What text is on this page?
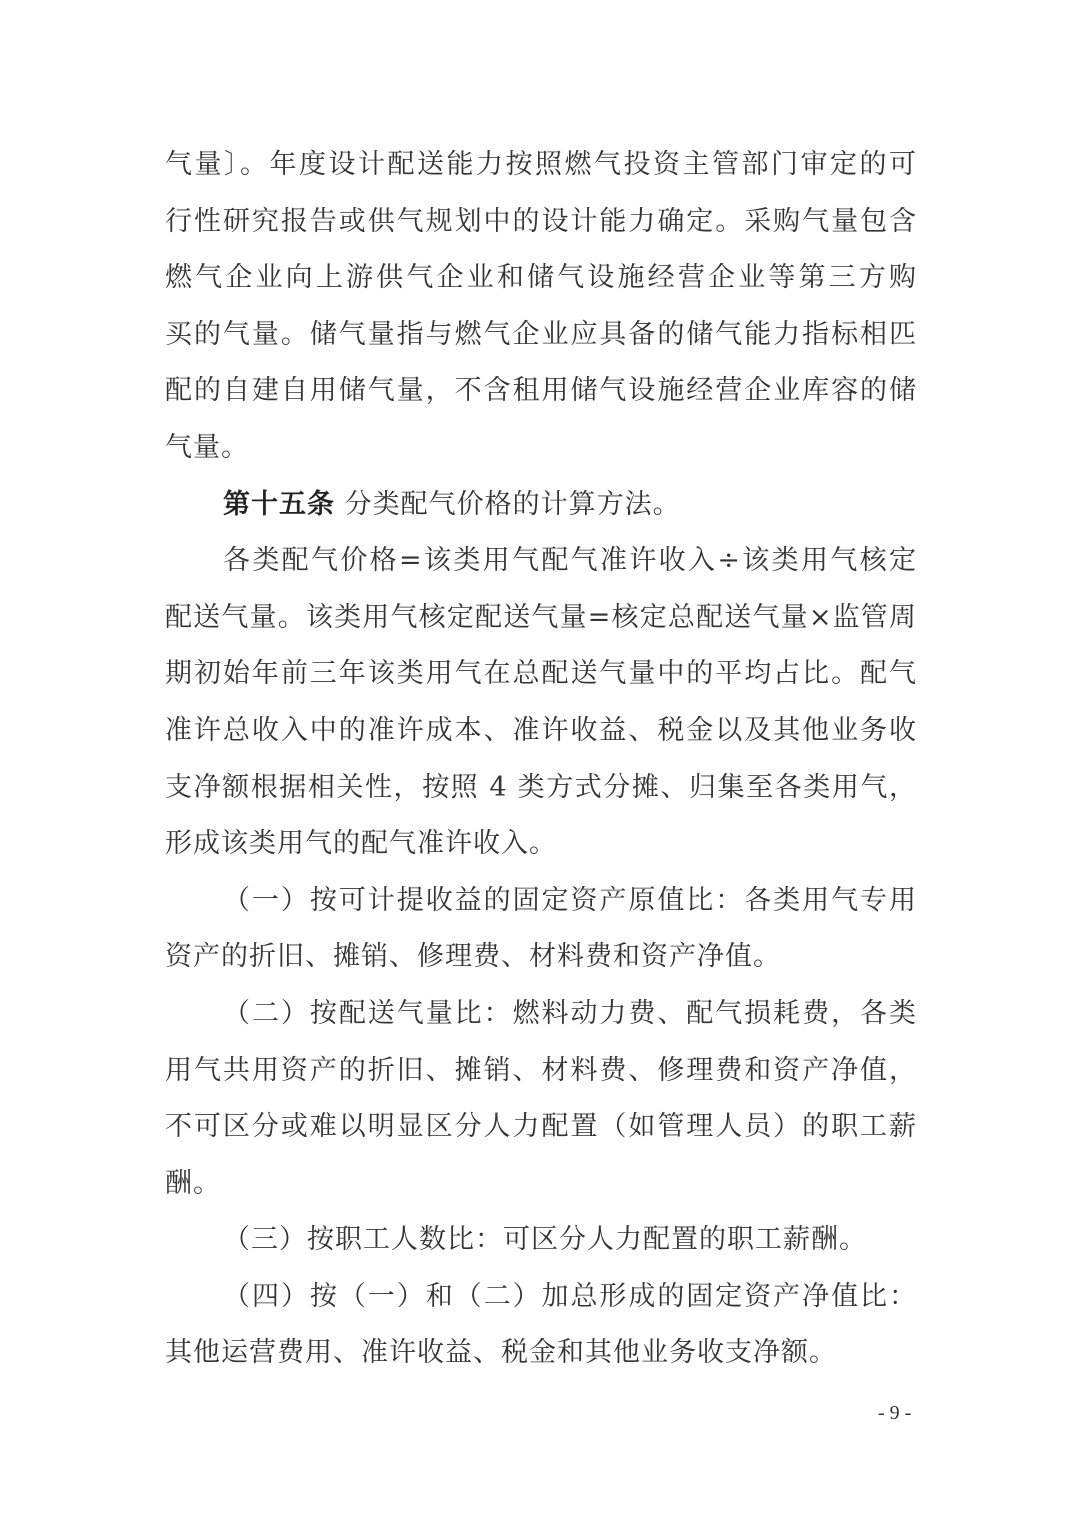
气量〕。年度设计配送能力按照燃气投资主管部门审定的可
行性研究报告或供气规划中的设计能力确定。采购气量包含
燃气企业向上游供气企业和储气设施经营企业等第三方购
买的气量。储气量指与燃气企业应具备的储气能力指标相匹
配的自建自用储气量，不含租用储气设施经营企业库容的储
气量。
第十五条 分类配气价格的计算方法。
各类配气价格=该类用气配气准许收入÷该类用气核定
配送气量。该类用气核定配送气量=核定总配送气量×监管周
期初始年前三年该类用气在总配送气量中的平均占比。配气
准许总收入中的准许成本、准许收益、税金以及其他业务收
支净额根据相关性，按照 4 类方式分摊、归集至各类用气，
形成该类用气的配气准许收入。
（一）按可计提收益的固定资产原值比：各类用气专用
资产的折旧、摊销、修理费、材料费和资产净值。
（二）按配送气量比：燃料动力费、配气损耗费，各类
用气共用资产的折旧、摊销、材料费、修理费和资产净值，
不可区分或难以明显区分人力配置（如管理人员）的职工薪
酬。
（三）按职工人数比：可区分人力配置的职工薪酬。
（四）按（一）和（二）加总形成的固定资产净值比：
其他运营费用、准许收益、税金和其他业务收支净额。
- 9 -
